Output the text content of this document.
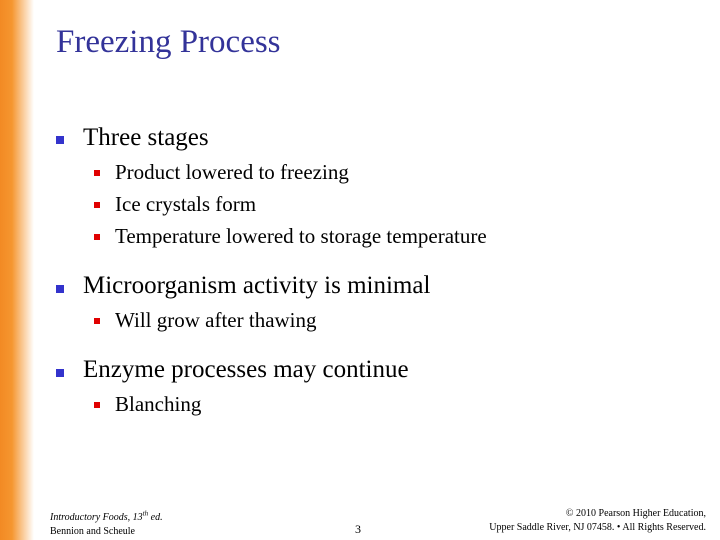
Freezing Process
Three stages
Product lowered to freezing
Ice crystals form
Temperature lowered to storage temperature
Microorganism activity is minimal
Will grow after thawing
Enzyme processes may continue
Blanching
Introductory Foods, 13th ed.
Bennion and Scheule	3
© 2010 Pearson Higher Education,
Upper Saddle River, NJ 07458. • All Rights Reserved.
